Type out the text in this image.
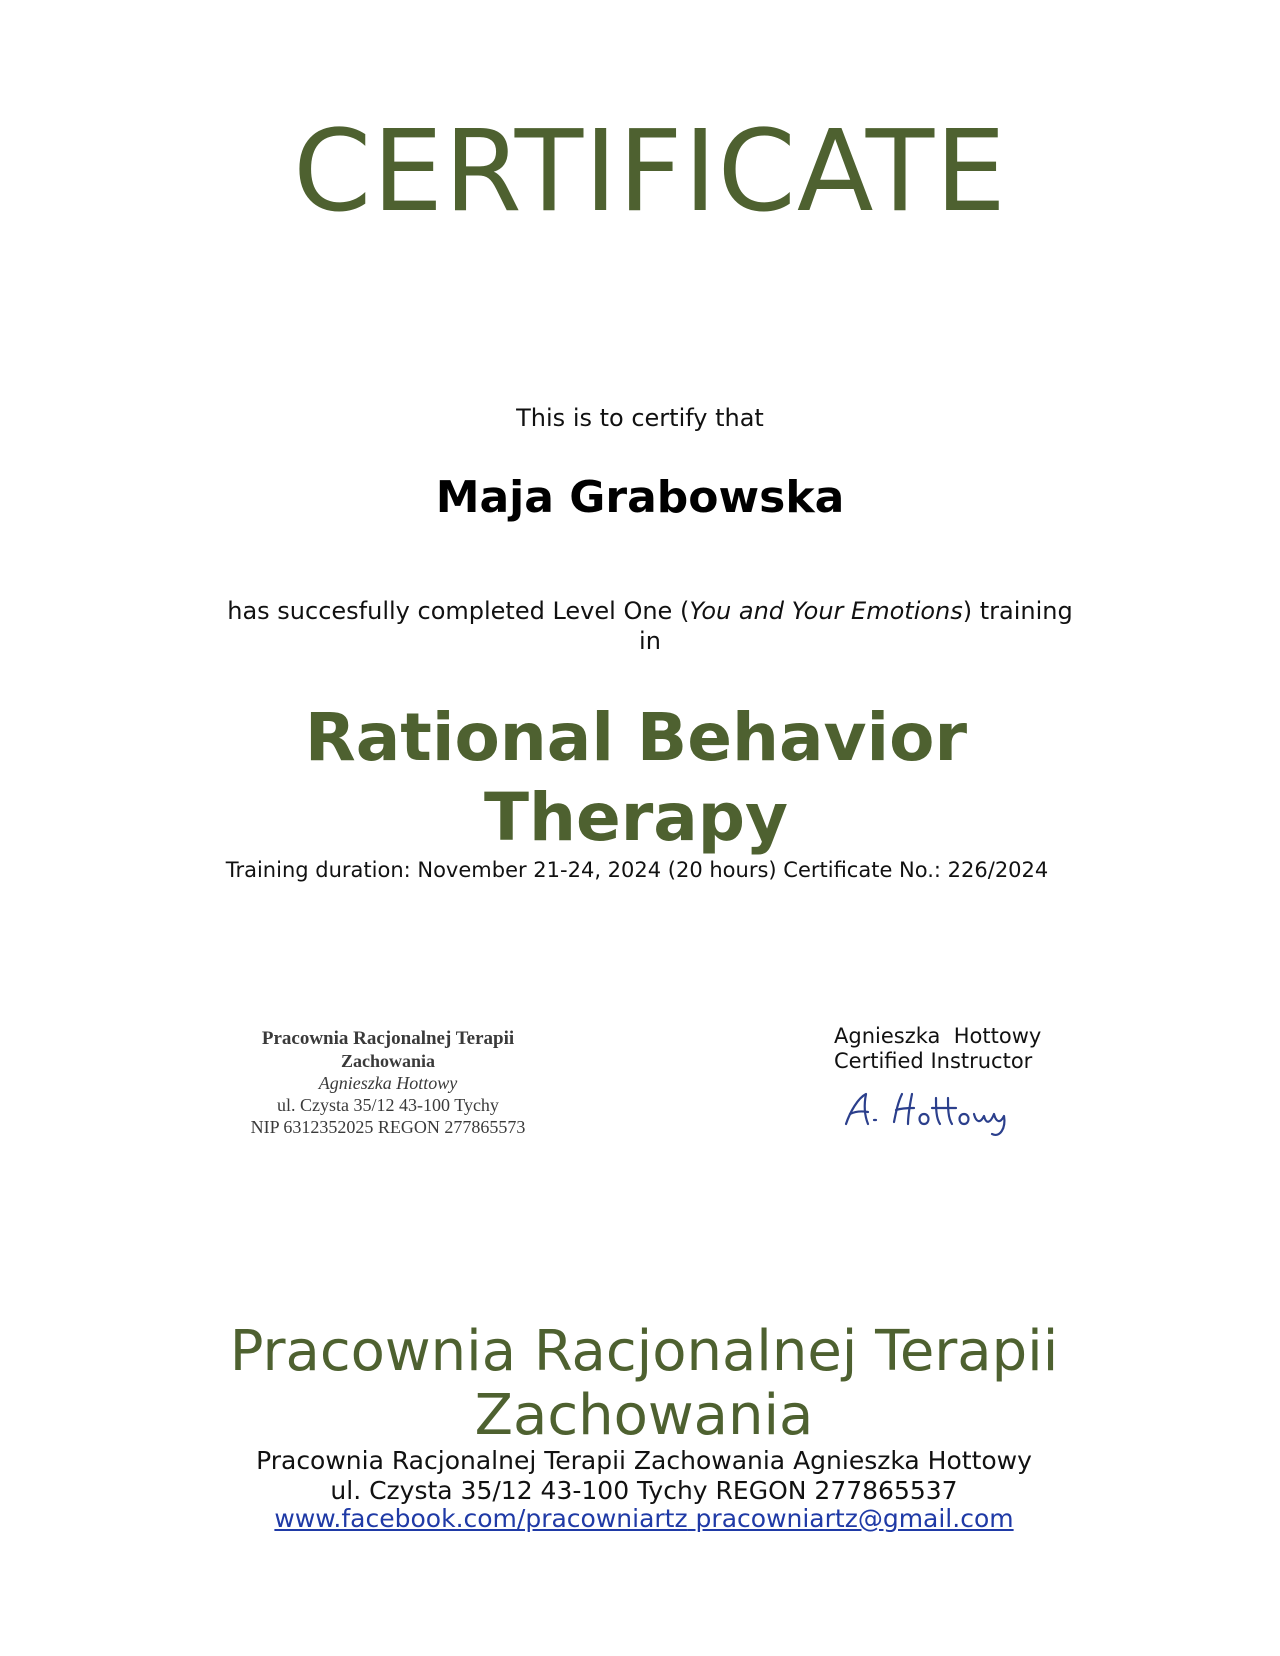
CERTIFICATE
This is to certify that
Maja Grabowska
has succesfully completed Level One (You and Your Emotions) training
in
Rational Behavior
Therapy
Training duration: November 21-24, 2024 (20 hours) Certificate No.: 226/2024
Pracownia Racjonalnej Terapii
Zachowania
Agnieszka Hottowy
ul. Czysta 35/12 43-100 Tychy
NIP 6312352025 REGON 277865573
Agnieszka  Hottowy
Certified Instructor
Pracownia Racjonalnej Terapii
Zachowania
Pracownia Racjonalnej Terapii Zachowania Agnieszka Hottowy
ul. Czysta 35/12 43-100 Tychy REGON 277865537
www.facebook.com/pracowniartz pracowniartz@gmail.com
